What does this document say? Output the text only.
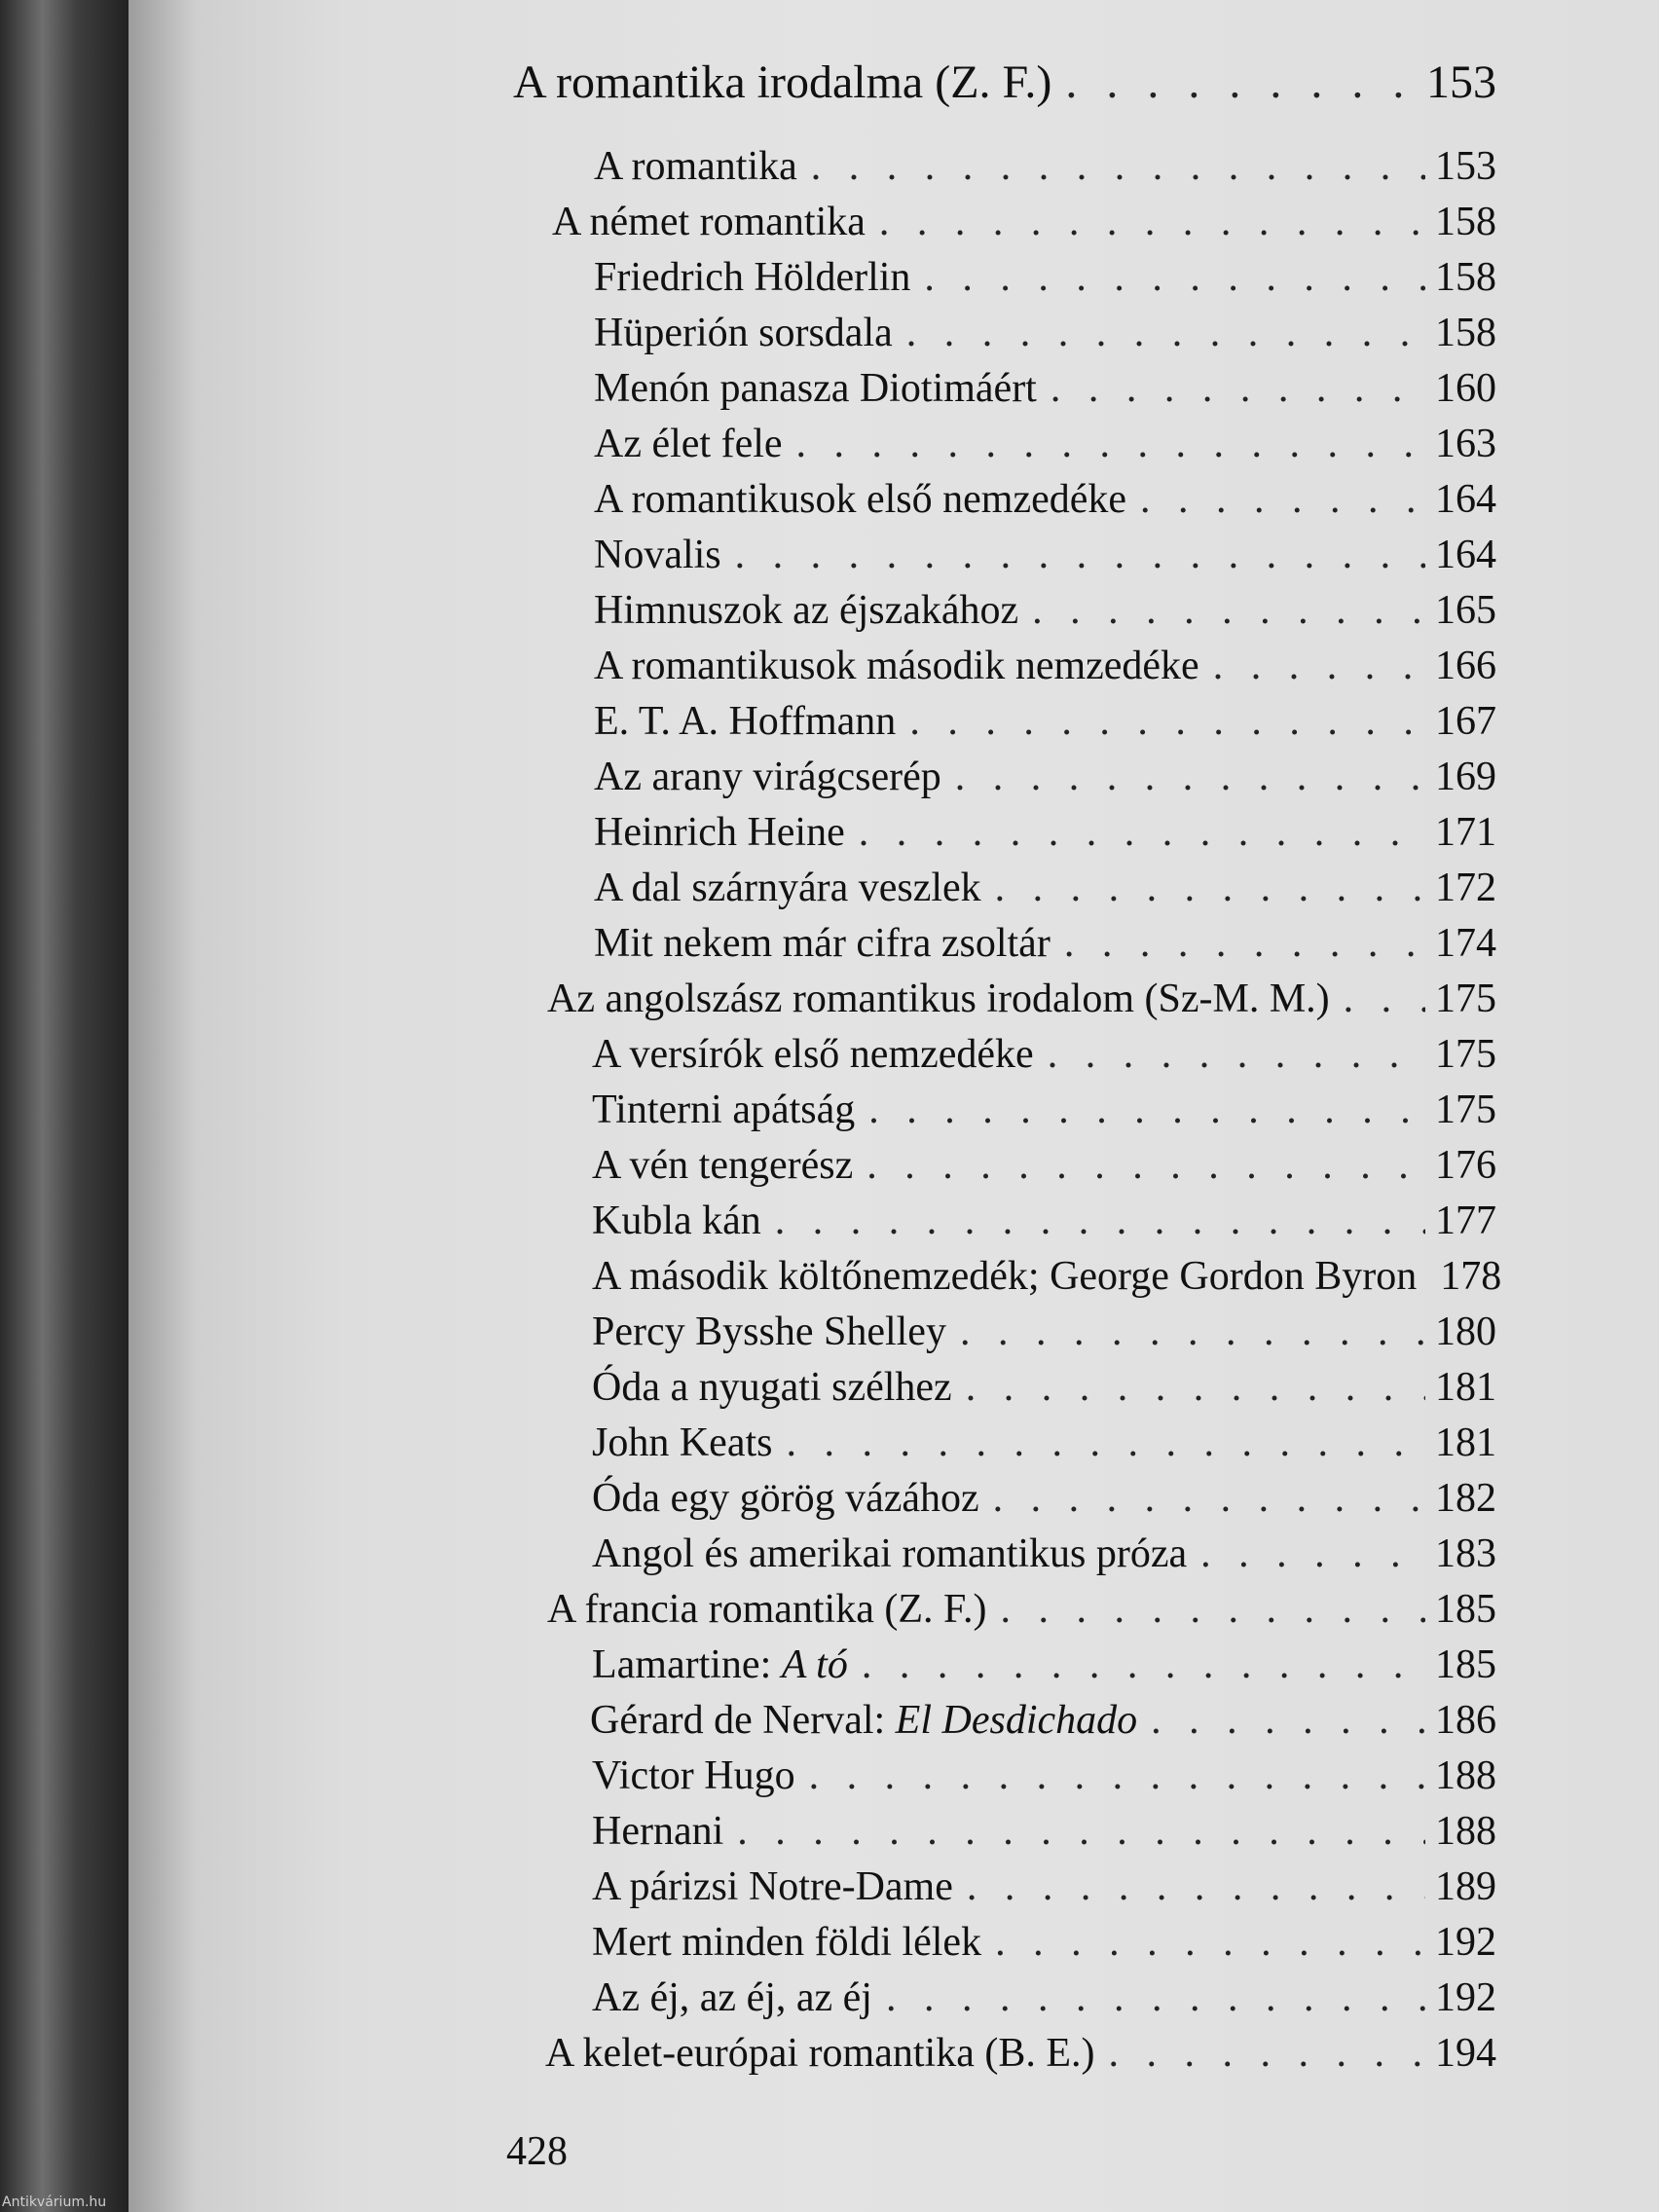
A romantika irodalma (Z. F.) . . .	153
A romantika . . .	153
A német romantika . . .	158
Friedrich Hölderlin . . .	158
Hüperión sorsdala . . .	158
Menón panasza Diotimáért . . .	160
Az élet fele . . .	163
A romantikusok első nemzedéke . . .	164
Novalis . . .	164
Himnuszok az éjszakához . . .	165
A romantikusok második nemzedéke . . .	166
E. T. A. Hoffmann . . .	167
Az arany virágcserép . . .	169
Heinrich Heine . . .	171
A dal szárnyára veszlek . . .	172
Mit nekem már cifra zsoltár . . .	174
Az angolszász romantikus irodalom (Sz-M. M.) . . .	175
A versírók első nemzedéke . . .	175
Tinterni apátság . . .	175
A vén tengerész . . .	176
Kubla kán . . .	177
A második költőnemzedék; George Gordon Byron 178
Percy Bysshe Shelley . . .	180
Óda a nyugati szélhez . . .	181
John Keats . . .	181
Óda egy görög vázához . . .	182
Angol és amerikai romantikus próza . . .	183
A francia romantika (Z. F.) . . .	185
Lamartine: A tó . . .	185
Gérard de Nerval: El Desdichado . . .	186
Victor Hugo . . .	188
Hernani . . .	188
A párizsi Notre-Dame . . .	189
Mert minden földi lélek . . .	192
Az éj, az éj, az éj . . .	192
A kelet-európai romantika (B. E.) . . .	194
428
Antikvárium.hu
